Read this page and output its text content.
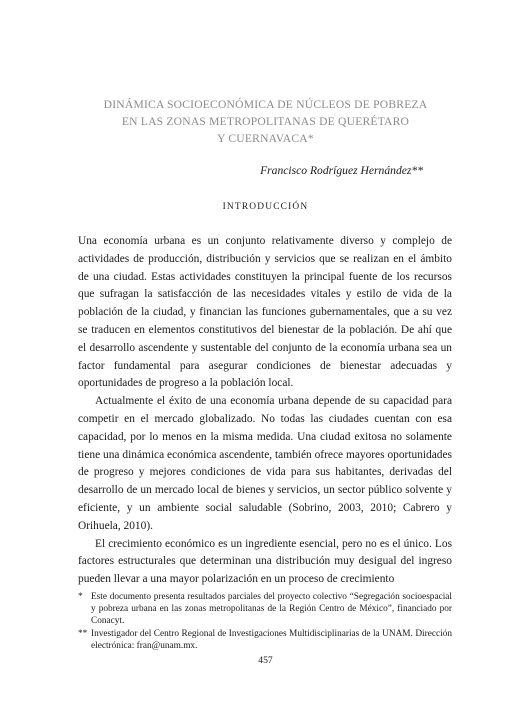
DINÁMICA SOCIOECONÓMICA DE NÚCLEOS DE POBREZA
EN LAS ZONAS METROPOLITANAS DE QUERÉTARO
Y CUERNAVACA*
Francisco Rodríguez Hernández**
INTRODUCCIÓN

Una economía urbana es un conjunto relativamente diverso y complejo de actividades de producción, distribución y servicios que se realizan en el ámbito de una ciudad. Estas actividades constituyen la principal fuente de los recursos que sufragan la satisfacción de las necesidades vitales y estilo de vida de la población de la ciudad, y financian las funciones gubernamentales, que a su vez se traducen en elementos constitutivos del bienestar de la población. De ahí que el desarrollo ascendente y sustentable del conjunto de la economía urbana sea un factor fundamental para asegurar condiciones de bienestar adecuadas y oportunidades de progreso a la población local.

Actualmente el éxito de una economía urbana depende de su capacidad para competir en el mercado globalizado. No todas las ciudades cuentan con esa capacidad, por lo menos en la misma medida. Una ciudad exitosa no solamente tiene una dinámica económica ascendente, también ofrece mayores oportunidades de progreso y mejores condiciones de vida para sus habitantes, derivadas del desarrollo de un mercado local de bienes y servicios, un sector público solvente y eficiente, y un ambiente social saludable (Sobrino, 2003, 2010; Cabrero y Orihuela, 2010).

El crecimiento económico es un ingrediente esencial, pero no es el único. Los factores estructurales que determinan una distribución muy desigual del ingreso pueden llevar a una mayor polarización en un proceso de crecimiento

* Este documento presenta resultados parciales del proyecto colectivo “Segregación socioespacial y pobreza urbana en las zonas metropolitanas de la Región Centro de México”, financiado por Conacyt.
** Investigador del Centro Regional de Investigaciones Multidisciplinarias de la UNAM. Dirección electrónica: fran@unam.mx.
457
